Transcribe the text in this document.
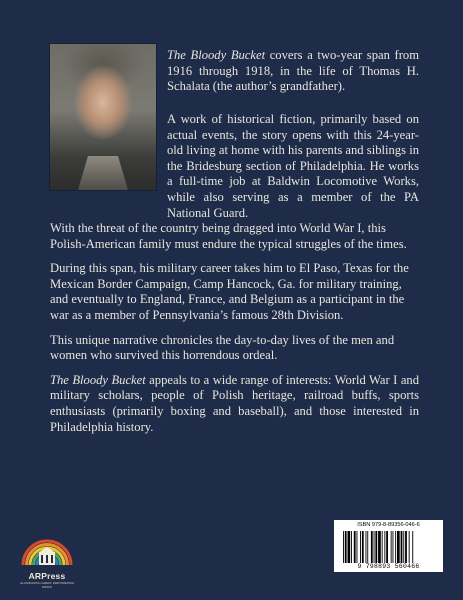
The Bloody Bucket covers a two-year span from 1916 through 1918, in the life of Thomas H. Schalata (the author’s grandfather).

A work of historical fiction, primarily based on actual events, the story opens with this 24-year-old living at home with his parents and siblings in the Bridesburg section of Philadelphia. He works a full-time job at Baldwin Locomotive Works, while also serving as a member of the PA National Guard.

With the threat of the country being dragged into World War I, this Polish-American family must endure the typical struggles of the times.

During this span, his military career takes him to El Paso, Texas for the Mexican Border Campaign, Camp Hancock, Ga. for military training, and eventually to England, France, and Belgium as a participant in the war as a member of Pennsylvania’s famous 28th Division.

This unique narrative chronicles the day-to-day lives of the men and women who survived this horrendous ordeal.

The Bloody Bucket appeals to a wide range of interests: World War I and military scholars, people of Polish heritage, railroad buffs, sports enthusiasts (primarily boxing and baseball), and those interested in Philadelphia history.

ARPress
ILLUMINATING GREAT, EMPOWERING MINDS
ISBN 979-8-89356-046-6
9 798893 560466
